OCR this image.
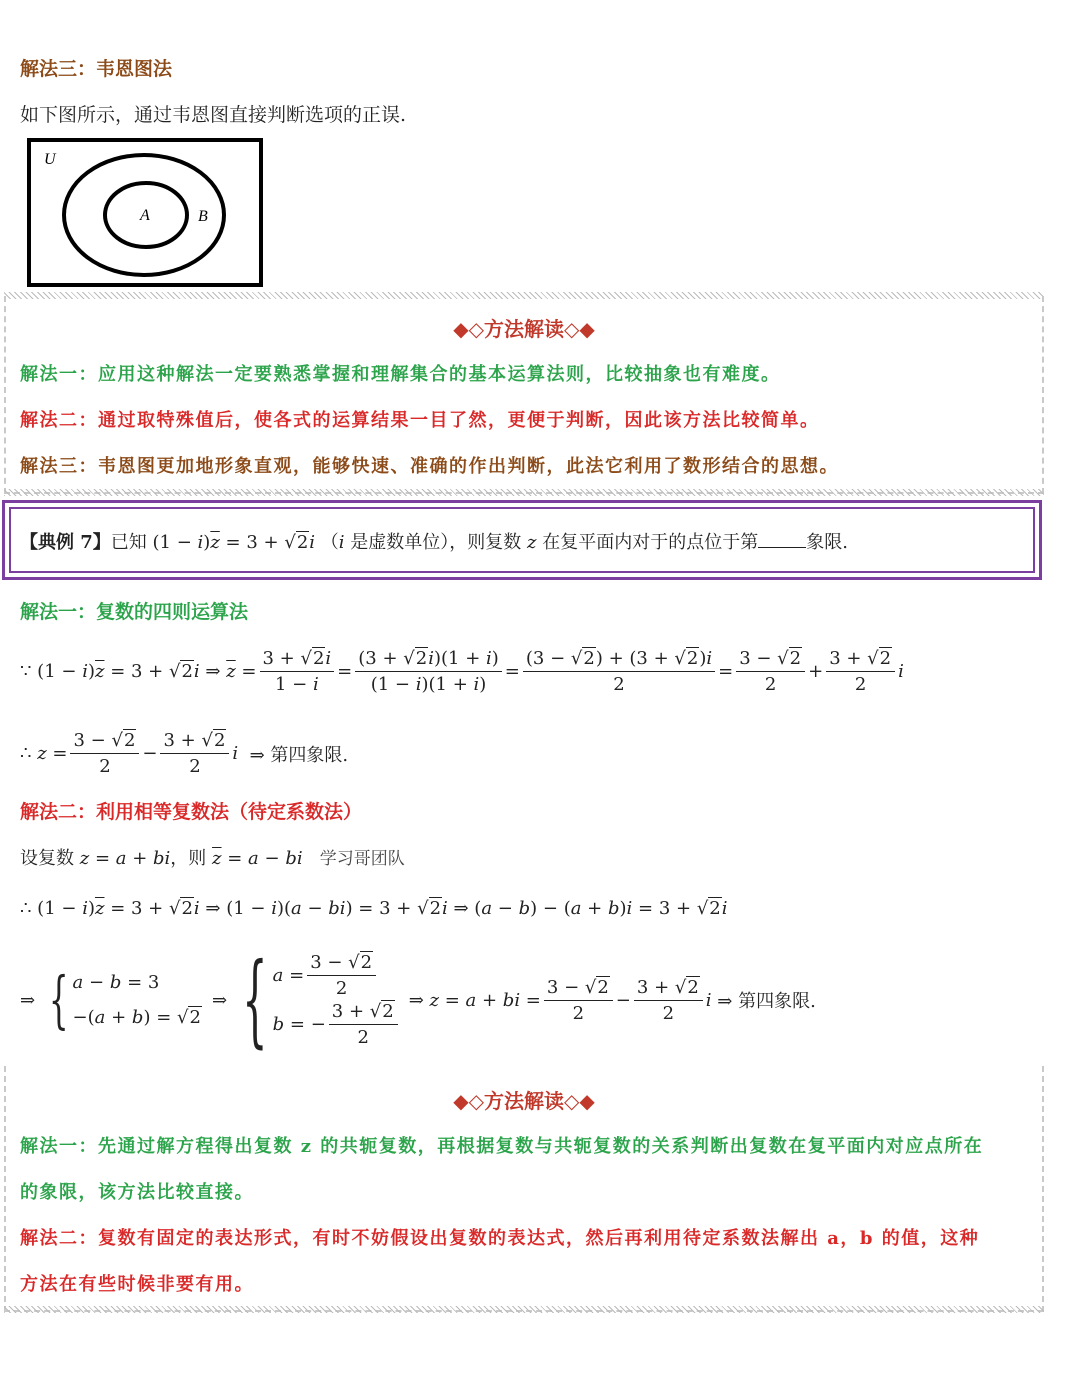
解法三：韦恩图法
如下图所示，通过韦恩图直接判断选项的正误.
U
A	B
◆◇方法解读◇◆
解法一：应用这种解法一定要熟悉掌握和理解集合的基本运算法则，比较抽象也有难度。
解法二：通过取特殊值后，使各式的运算结果一目了然，更便于判断，因此该方法比较简单。
解法三：韦恩图更加地形象直观，能够快速、准确的作出判断，此法它利用了数形结合的思想。
【典例 7】已知 $(1 - i)\overline{z} = 3 + √2i$ （i 是虚数单位），则复数 z 在复平面内对于的点位于第	象限.
解法一：复数的四则运算法
∵ $(1 - i)\overline{z} = 3 + √2i$ ⇒ $\overline{z} = \frac{3 + √2i}{1 - i} = \frac{(3 + √2i)(1 + i)}{(1 - i)(1 + i)} = \frac{(3 - √2) + (3 + √2)i}{2} = \frac{3 - √2}{2} + \frac{3 + √2}{2}$ i
∴ $z = \frac{3 - √2}{2} - \frac{3 + √2}{2}$ i
⇒ 第四象限.
解法二：利用相等复数法（待定系数法）
设复数 z = a + bi，则 $\overline{z} = a$ − bi 学习哥团队
∴ $(1 - i)\overline{z} = 3 + √2i$ ⇒ (1 − i)(a − bi) = 3 + √2i ⇒ (a − b) − (a + b)i = 3 + √2i
⇒ { a − b = 3
−(a + b) = √2
⇒ { $a = \frac{3 - √2}{2}$
b = − $\frac{3 + √2}{2}$
⇒ z = a + bi = $\frac{3 - √2}{2} - \frac{3 + √2}{2}$ i
⇒ 第四象限.
◆◇方法解读◇◆
解法一：先通过解方程得出复数 z 的共轭复数，再根据复数与共轭复数的关系判断出复数在复平面内对应点所在
的象限，该方法比较直接。
解法二：复数有固定的表达形式，有时不妨假设出复数的表达式，然后再利用待定系数法解出 a，b 的值，这种
方法在有些时候非要有用。
